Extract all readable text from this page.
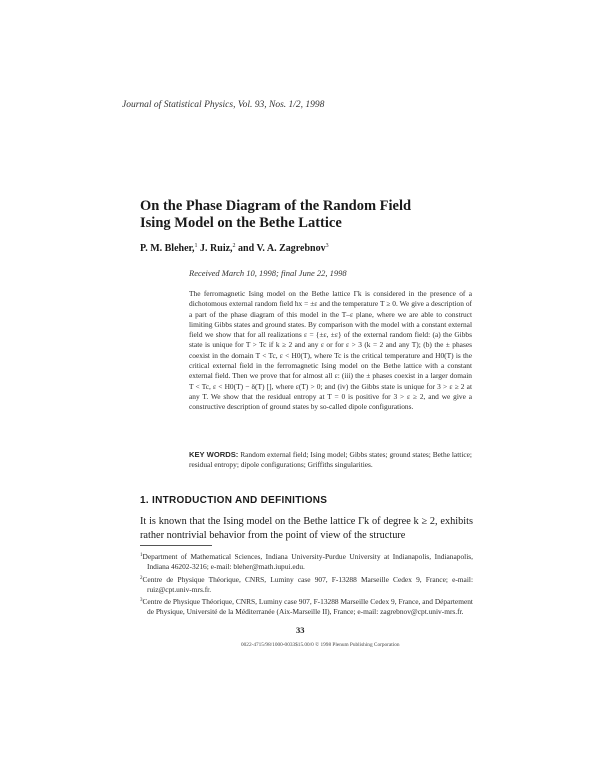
Journal of Statistical Physics, Vol. 93, Nos. 1/2, 1998
On the Phase Diagram of the Random Field
Ising Model on the Bethe Lattice
P. M. Bleher,$^1$ J. Ruiz,$^2$ and V. A. Zagrebnov$^3$
Received March 10, 1998; final June 22, 1998
The ferromagnetic Ising model on the Bethe lattice Γk is considered in the presence of a dichotomous external random field hx = ±ε and the temperature T ≥ 0. We give a description of a part of the phase diagram of this model in the T–ε plane, where we are able to construct limiting Gibbs states and ground states. By comparison with the model with a constant external field we show that for all realizations ε = {±ε, ±ε} of the external random field: (a) the Gibbs state is unique for T > Tc if k ≥ 2 and any ε or for ε > 3 (k = 2 and any T); (b) the ± phases coexist in the domain T < Tc, ε < H0(T), where Tc is the critical temperature and H0(T) is the critical external field in the ferromagnetic Ising model on the Bethe lattice with a constant external field. Then we prove that for almost all ε: (iii) the ± phases coexist in a larger domain T < Tc, ε < H0(T) − δ(T) [], where ε(T) > 0; and (iv) the Gibbs state is unique for 3 > ε ≥ 2 at any T. We show that the residual entropy at T = 0 is positive for 3 > ε ≥ 2, and we give a constructive description of ground states by so-called dipole configurations.
KEY WORDS: Random external field; Ising model; Gibbs states; ground states; Bethe lattice; residual entropy; dipole configurations; Griffiths singularities.
1. INTRODUCTION AND DEFINITIONS
It is known that the Ising model on the Bethe lattice Γk of degree k ≥ 2, exhibits rather nontrivial behavior from the point of view of the structure

$^1$Department of Mathematical Sciences, Indiana University-Purdue University at Indianapolis, Indianapolis, Indiana 46202-3216; e-mail: bleher@math.iupui.edu.

$^2$Centre de Physique Théorique, CNRS, Luminy case 907, F-13288 Marseille Cedex 9, France; e-mail: ruiz@cpt.univ-mrs.fr.

$^3$Centre de Physique Théorique, CNRS, Luminy case 907, F-13288 Marseille Cedex 9, France, and Département de Physique, Université de la Méditerranée (Aix-Marseille II), France; e-mail: zagrebnov@cpt.univ-mrs.fr.

33
0022-4715/98/1000-0033$15.00/0 © 1998 Plenum Publishing Corporation
